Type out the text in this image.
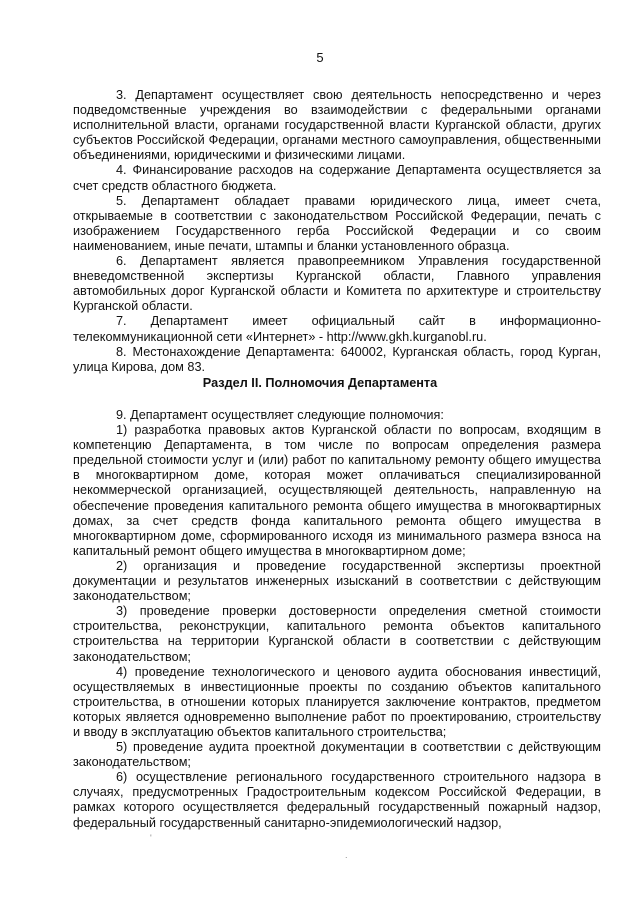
5

3. Департамент осуществляет свою деятельность непосредственно и через подведомственные учреждения во взаимодействии с федеральными органами исполнительной власти, органами государственной власти Курганской области, других субъектов Российской Федерации, органами местного самоуправления, общественными объединениями, юридическими и физическими лицами.

4. Финансирование расходов на содержание Департамента осуществляется за счет средств областного бюджета.

5. Департамент обладает правами юридического лица, имеет счета, открываемые в соответствии с законодательством Российской Федерации, печать с изображением Государственного герба Российской Федерации и со своим наименованием, иные печати, штампы и бланки установленного образца.

6. Департамент является правопреемником Управления государственной вневедомственной экспертизы Курганской области, Главного управления автомобильных дорог Курганской области и Комитета по архитектуре и строительству Курганской области.

7. Департамент имеет официальный сайт в информационно-телекоммуникационной сети «Интернет» - http://www.gkh.kurganobl.ru.

8. Местонахождение Департамента: 640002, Курганская область, город Курган, улица Кирова, дом 83.

Раздел II. Полномочия Департамента

9. Департамент осуществляет следующие полномочия:

1) разработка правовых актов Курганской области по вопросам, входящим в компетенцию Департамента, в том числе по вопросам определения размера предельной стоимости услуг и (или) работ по капитальному ремонту общего имущества в многоквартирном доме, которая может оплачиваться специализированной некоммерческой организацией, осуществляющей деятельность, направленную на обеспечение проведения капитального ремонта общего имущества в многоквартирных домах, за счет средств фонда капитального ремонта общего имущества в многоквартирном доме, сформированного исходя из минимального размера взноса на капитальный ремонт общего имущества в многоквартирном доме;

2) организация и проведение государственной экспертизы проектной документации и результатов инженерных изысканий в соответствии с действующим законодательством;

3) проведение проверки достоверности определения сметной стоимости строительства, реконструкции, капитального ремонта объектов капитального строительства на территории Курганской области в соответствии с действующим законодательством;

4) проведение технологического и ценового аудита обоснования инвестиций, осуществляемых в инвестиционные проекты по созданию объектов капитального строительства, в отношении которых планируется заключение контрактов, предметом которых является одновременно выполнение работ по проектированию, строительству и вводу в эксплуатацию объектов капитального строительства;

5) проведение аудита проектной документации в соответствии с действующим законодательством;

6) осуществление регионального государственного строительного надзора в случаях, предусмотренных Градостроительным кодексом Российской Федерации, в рамках которого осуществляется федеральный государственный пожарный надзор, федеральный государственный санитарно-эпидемиологический надзор,

'
.
